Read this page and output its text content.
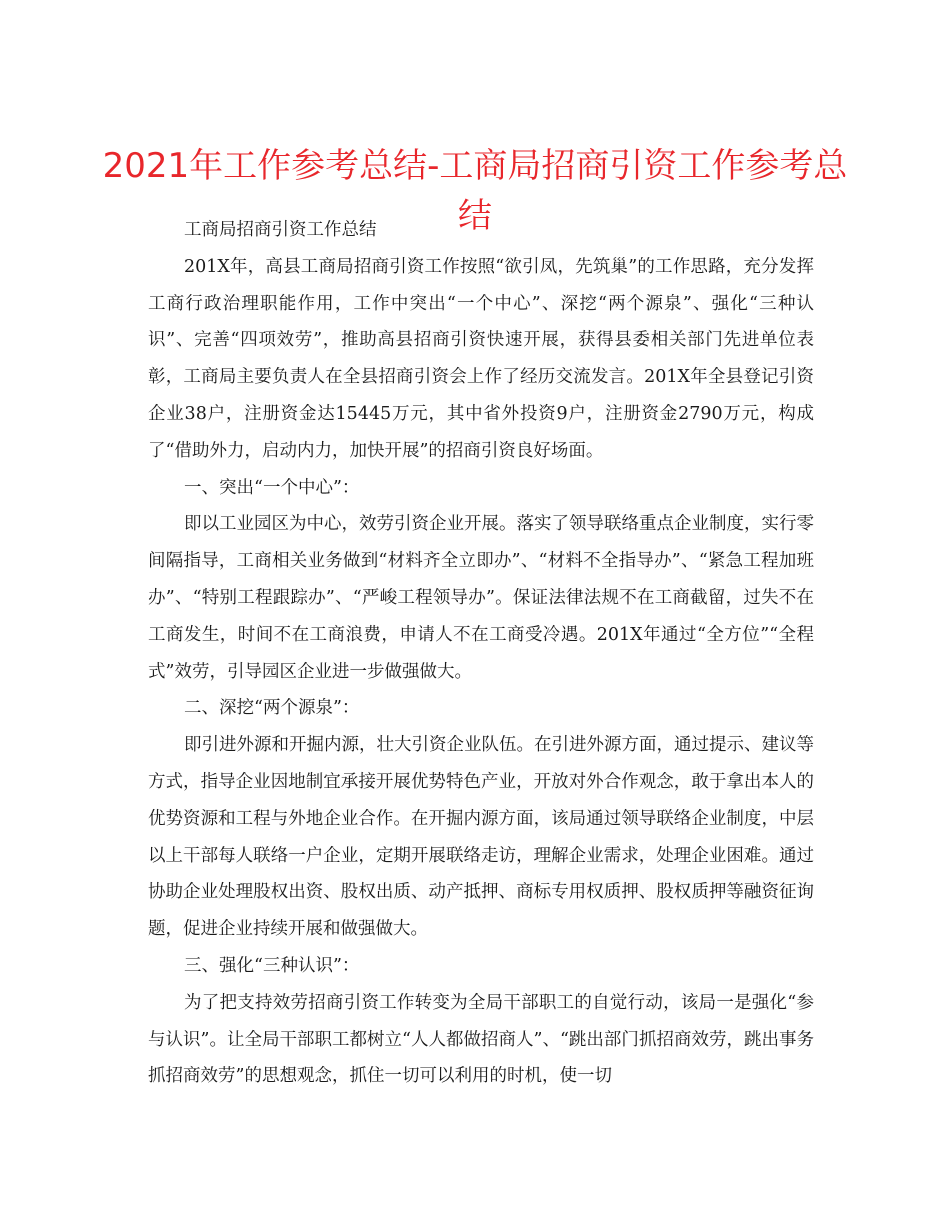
2021年工作参考总结-工商局招商引资工作参考总结

工商局招商引资工作总结

201X年，高县工商局招商引资工作按照“欲引凤，先筑巢”的工作思路，充分发挥工商行政治理职能作用，工作中突出“一个中心”、深挖“两个源泉”、强化“三种认识”、完善“四项效劳”，推助高县招商引资快速开展，获得县委相关部门先进单位表彰，工商局主要负责人在全县招商引资会上作了经历交流发言。201X年全县登记引资企业38户，注册资金达15445万元，其中省外投资9户，注册资金2790万元，构成了“借助外力，启动内力，加快开展”的招商引资良好场面。

一、突出“一个中心”：

即以工业园区为中心，效劳引资企业开展。落实了领导联络重点企业制度，实行零间隔指导，工商相关业务做到“材料齐全立即办”、“材料不全指导办”、“紧急工程加班办”、“特别工程跟踪办”、“严峻工程领导办”。保证法律法规不在工商截留，过失不在工商发生，时间不在工商浪费，申请人不在工商受冷遇。201X年通过“全方位”“全程式”效劳，引导园区企业进一步做强做大。

二、深挖“两个源泉”：

即引进外源和开掘内源，壮大引资企业队伍。在引进外源方面，通过提示、建议等方式，指导企业因地制宜承接开展优势特色产业，开放对外合作观念，敢于拿出本人的优势资源和工程与外地企业合作。在开掘内源方面，该局通过领导联络企业制度，中层以上干部每人联络一户企业，定期开展联络走访，理解企业需求，处理企业困难。通过协助企业处理股权出资、股权出质、动产抵押、商标专用权质押、股权质押等融资征询题，促进企业持续开展和做强做大。

三、强化“三种认识”：

为了把支持效劳招商引资工作转变为全局干部职工的自觉行动，该局一是强化“参与认识”。让全局干部职工都树立“人人都做招商人”、“跳出部门抓招商效劳，跳出事务抓招商效劳”的思想观念，抓住一切可以利用的时机，使一切
